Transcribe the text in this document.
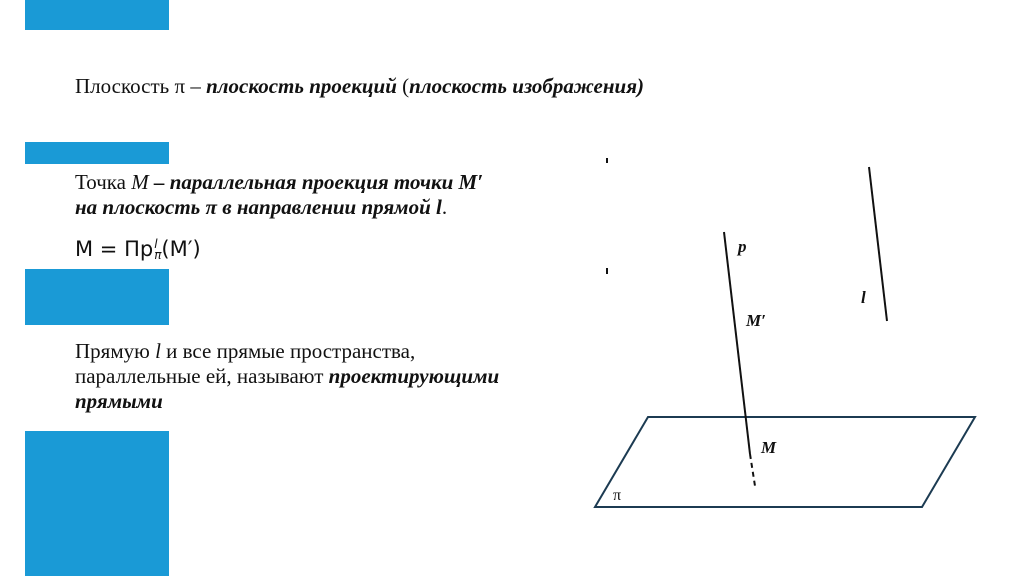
Плоскость π – плоскость проекций (плоскость изображения)

Точка M – параллельная проекция точки M′
на плоскость π в направлении прямой l.

M = Пр l
π (M′)

Прямую l и все прямые пространства, параллельные ей, называют проектирующими прямыми

p
l
M′
M
π
